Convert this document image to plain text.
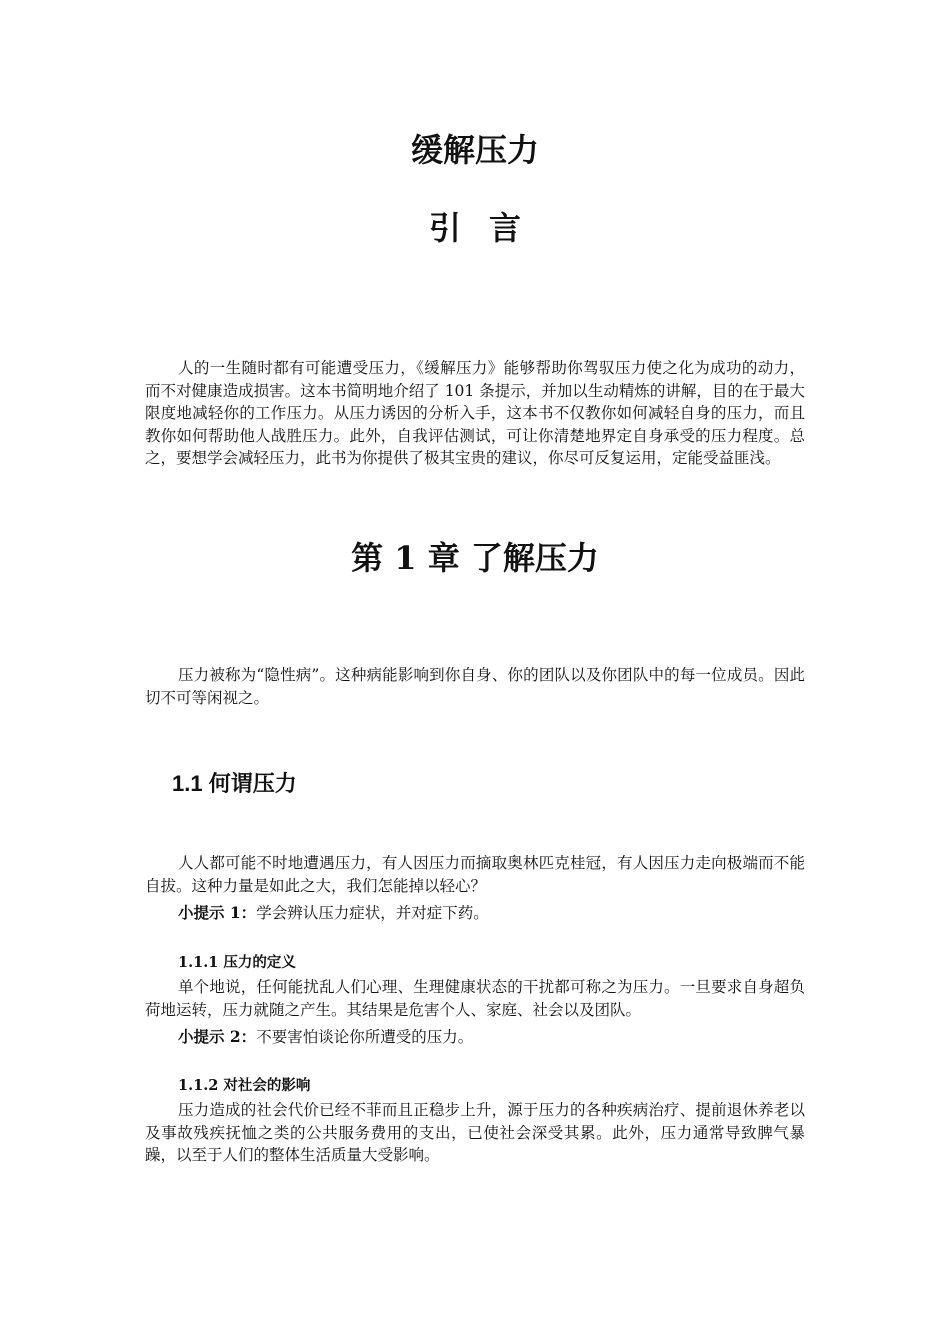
缓解压力
引言

人的一生随时都有可能遭受压力，《缓解压力》能够帮助你驾驭压力使之化为成功的动力，而不对健康造成损害。这本书简明地介绍了 101 条提示，并加以生动精炼的讲解，目的在于最大限度地减轻你的工作压力。从压力诱因的分析入手，这本书不仅教你如何减轻自身的压力，而且教你如何帮助他人战胜压力。此外，自我评估测试，可让你清楚地界定自身承受的压力程度。总之，要想学会减轻压力，此书为你提供了极其宝贵的建议，你尽可反复运用，定能受益匪浅。

第 1 章 了解压力

压力被称为“隐性病”。这种病能影响到你自身、你的团队以及你团队中的每一位成员。因此切不可等闲视之。

1.1 何谓压力

人人都可能不时地遭遇压力，有人因压力而摘取奥林匹克桂冠，有人因压力走向极端而不能自拔。这种力量是如此之大，我们怎能掉以轻心？

小提示 1：学会辨认压力症状，并对症下药。

1.1.1 压力的定义

单个地说，任何能扰乱人们心理、生理健康状态的干扰都可称之为压力。一旦要求自身超负荷地运转，压力就随之产生。其结果是危害个人、家庭、社会以及团队。

小提示 2：不要害怕谈论你所遭受的压力。

1.1.2 对社会的影响

压力造成的社会代价已经不菲而且正稳步上升，源于压力的各种疾病治疗、提前退休养老以及事故残疾抚恤之类的公共服务费用的支出，已使社会深受其累。此外，压力通常导致脾气暴躁，以至于人们的整体生活质量大受影响。
